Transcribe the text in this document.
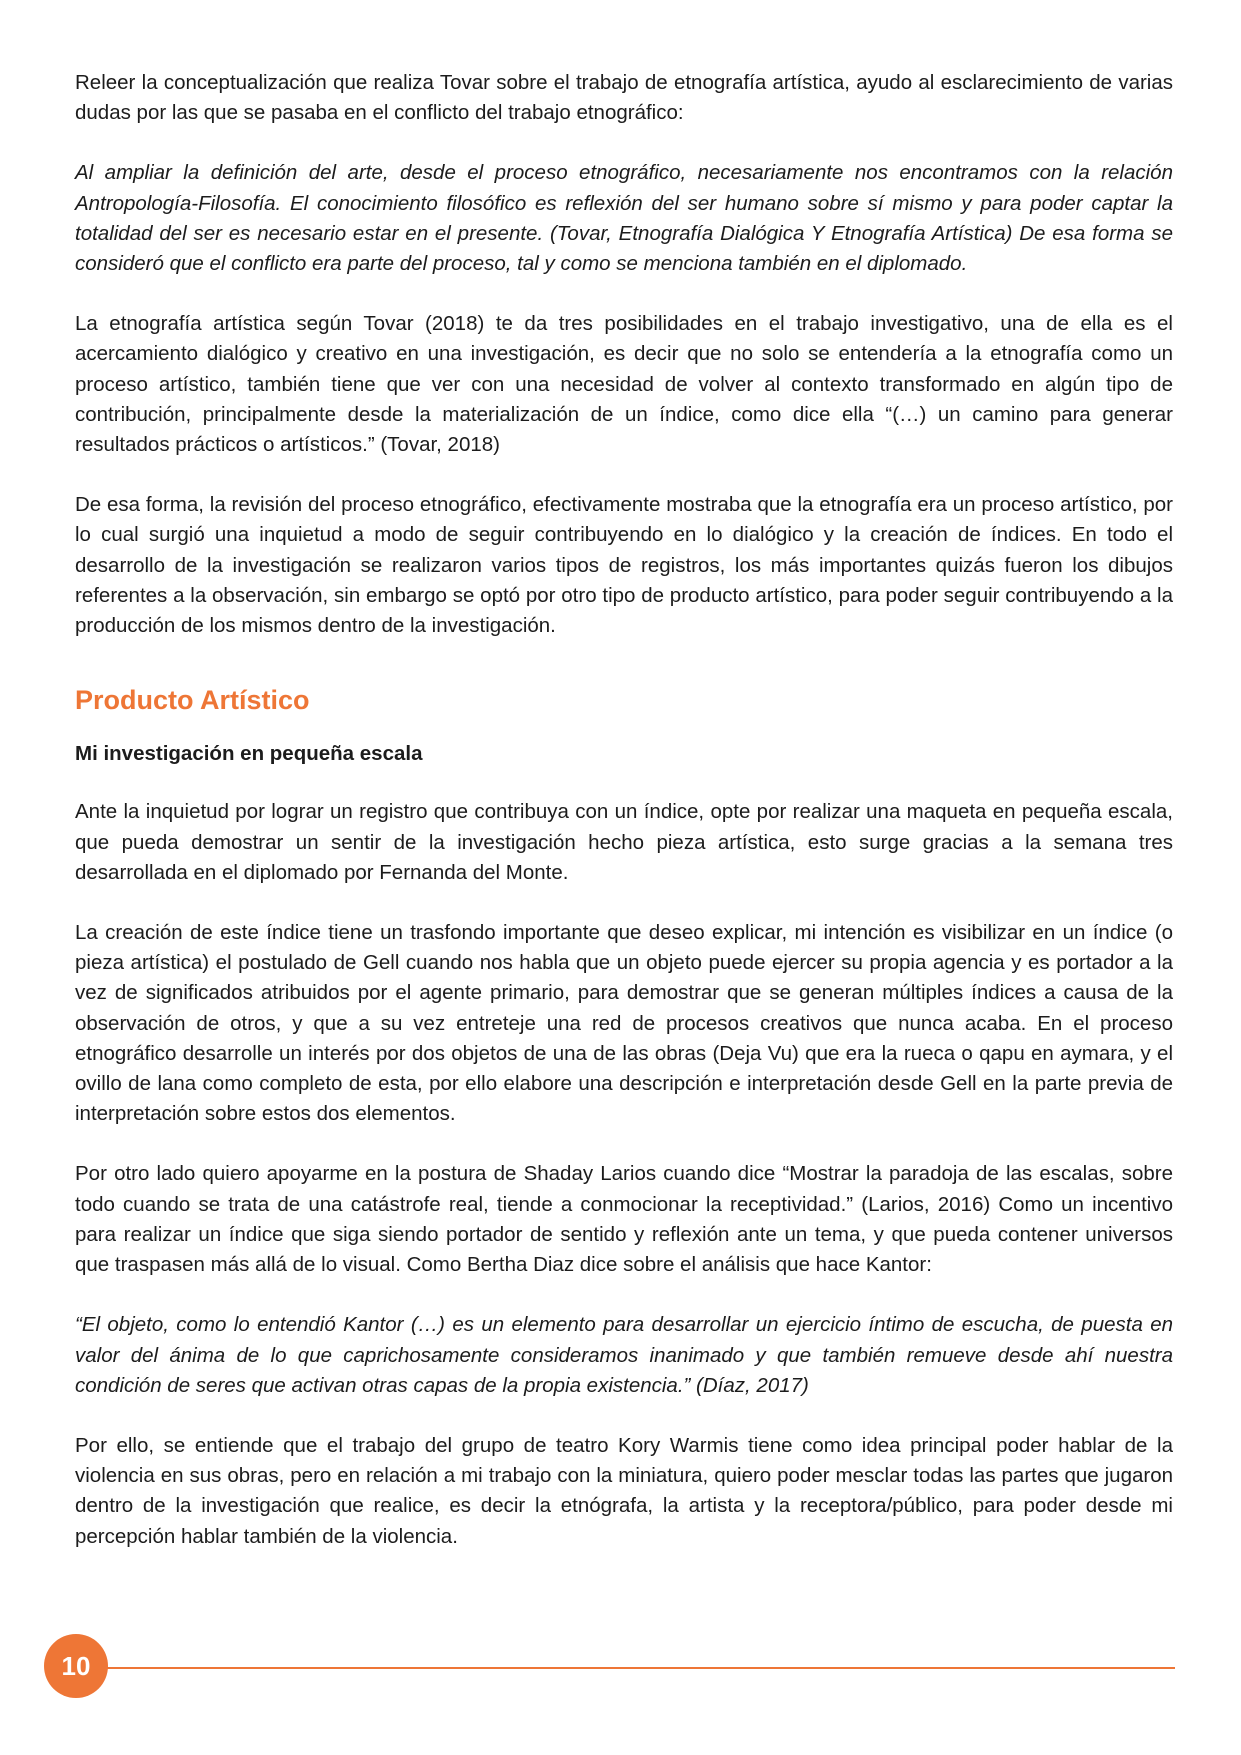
Releer la conceptualización que realiza Tovar sobre el trabajo de etnografía artística, ayudo al esclarecimiento de varias dudas por las que se pasaba en el conflicto del trabajo etnográfico:
Al ampliar la definición del arte, desde el proceso etnográfico, necesariamente nos encontramos con la relación Antropología-Filosofía. El conocimiento filosófico es reflexión del ser humano sobre sí mismo y para poder captar la totalidad del ser es necesario estar en el presente. (Tovar, Etnografía Dialógica Y Etnografía Artística) De esa forma se consideró que el conflicto era parte del proceso, tal y como se menciona también en el diplomado.
La etnografía artística según Tovar (2018) te da tres posibilidades en el trabajo investigativo, una de ella es el acercamiento dialógico y creativo en una investigación, es decir que no solo se entendería a la etnografía como un proceso artístico, también tiene que ver con una necesidad de volver al contexto transformado en algún tipo de contribución, principalmente desde la materialización de un índice, como dice ella “(…) un camino para generar resultados prácticos o artísticos.” (Tovar, 2018)
De esa forma, la revisión del proceso etnográfico, efectivamente mostraba que la etnografía era un proceso artístico, por lo cual surgió una inquietud a modo de seguir contribuyendo en lo dialógico y la creación de índices. En todo el desarrollo de la investigación se realizaron varios tipos de registros, los más importantes quizás fueron los dibujos referentes a la observación, sin embargo se optó por otro tipo de producto artístico, para poder seguir contribuyendo a la producción de los mismos dentro de la investigación.
Producto Artístico
Mi investigación en pequeña escala
Ante la inquietud por lograr un registro que contribuya con un índice, opte por realizar una maqueta en pequeña escala, que pueda demostrar un sentir de la investigación hecho pieza artística, esto surge gracias a la semana tres desarrollada en el diplomado por Fernanda del Monte.
La creación de este índice tiene un trasfondo importante que deseo explicar, mi intención es visibilizar en un índice (o pieza artística) el postulado de Gell cuando nos habla que un objeto puede ejercer su propia agencia y es portador a la vez de significados atribuidos por el agente primario, para demostrar que se generan múltiples índices a causa de la observación de otros, y que a su vez entreteje una red de procesos creativos que nunca acaba. En el proceso etnográfico desarrolle un interés por dos objetos de una de las obras (Deja Vu) que era la rueca o qapu en aymara, y el ovillo de lana como completo de esta, por ello elabore una descripción e interpretación desde Gell en la parte previa de interpretación sobre estos dos elementos.
Por otro lado quiero apoyarme en la postura de Shaday Larios cuando dice “Mostrar la paradoja de las escalas, sobre todo cuando se trata de una catástrofe real, tiende a conmocionar la receptividad.” (Larios, 2016) Como un incentivo para realizar un índice que siga siendo portador de sentido y reflexión ante un tema, y que pueda contener universos que traspasen más allá de lo visual. Como Bertha Diaz dice sobre el análisis que hace Kantor:
“El objeto, como lo entendió Kantor (…) es un elemento para desarrollar un ejercicio íntimo de escucha, de puesta en valor del ánima de lo que caprichosamente consideramos inanimado y que también remueve desde ahí nuestra condición de seres que activan otras capas de la propia existencia.” (Díaz, 2017)
Por ello, se entiende que el trabajo del grupo de teatro Kory Warmis tiene como idea principal poder hablar de la violencia en sus obras, pero en relación a mi trabajo con la miniatura, quiero poder mesclar todas las partes que jugaron dentro de la investigación que realice, es decir la etnógrafa, la artista y la receptora/público, para poder desde mi percepción hablar también de la violencia.
10
